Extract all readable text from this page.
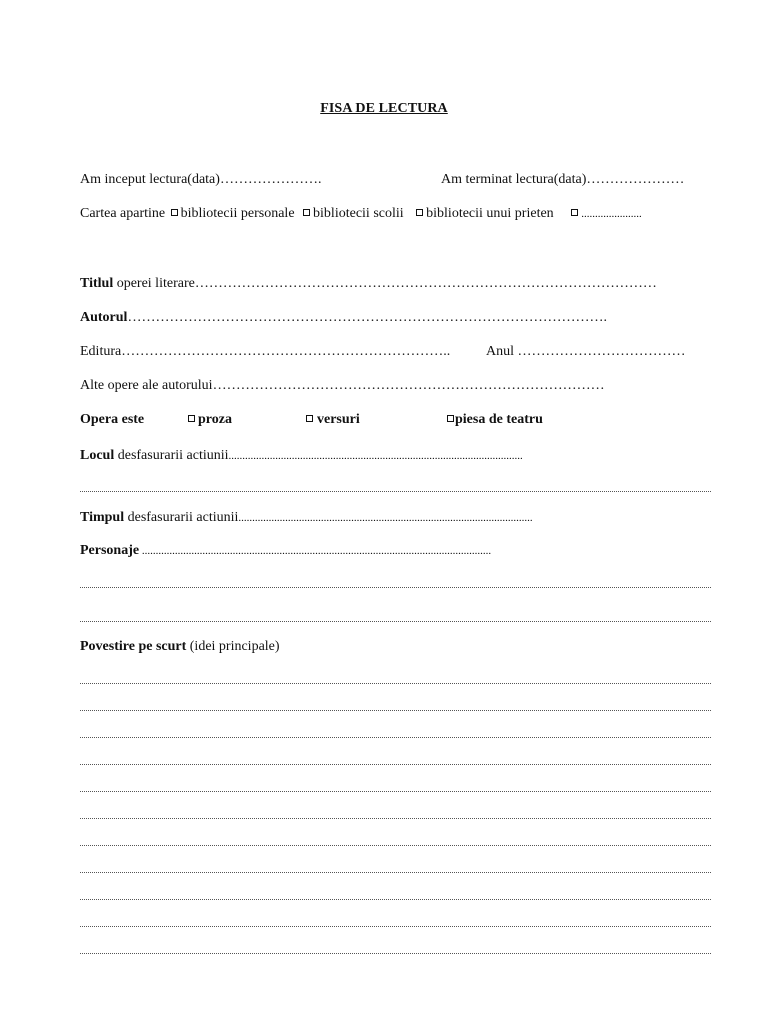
FISA DE LECTURA
Am inceput lectura(data)………………….	Am terminat lectura(data)…………………
Cartea apartine bibliotecii personale bibliotecii scolii bibliotecii unui prieten	......................
Titlul operei literare………………………………………………………………………………………
Autorul………………………………………………………………………………………….
Editura……………………………………………………………..	Anul ………………………………
Alte opere ale autorului…………………………………………………………………………
Opera este	proza	versuri	piesa de teatru
Locul desfasurarii actiunii...........................................................................................................
Timpul desfasurarii actiunii...........................................................................................................
Personaje ...............................................................................................................................
Povestire pe scurt (idei principale)
